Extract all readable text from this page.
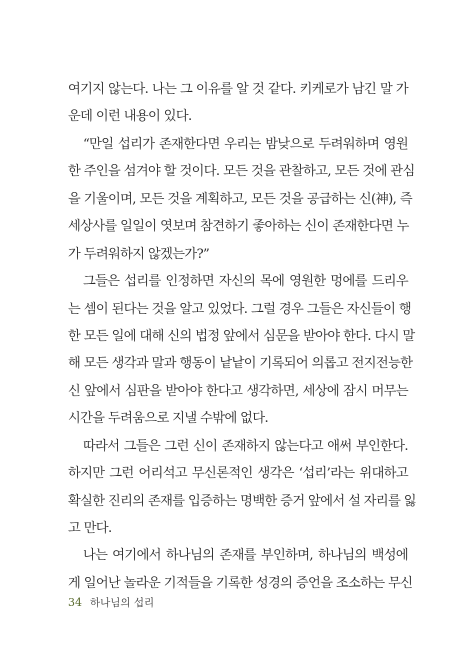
여기지 않는다. 나는 그 이유를 알 것 같다. 키케로가 남긴 말 가
운데 이런 내용이 있다.
“만일 섭리가 존재한다면 우리는 밤낮으로 두려워하며 영원
한 주인을 섬겨야 할 것이다. 모든 것을 관찰하고, 모든 것에 관심
을 기울이며, 모든 것을 계획하고, 모든 것을 공급하는 신(神), 즉
세상사를 일일이 엿보며 참견하기 좋아하는 신이 존재한다면 누
가 두려워하지 않겠는가?”
그들은 섭리를 인정하면 자신의 목에 영원한 멍에를 드리우
는 셈이 된다는 것을 알고 있었다. 그럴 경우 그들은 자신들이 행
한 모든 일에 대해 신의 법정 앞에서 심문을 받아야 한다. 다시 말
해 모든 생각과 말과 행동이 낱낱이 기록되어 의롭고 전지전능한
신 앞에서 심판을 받아야 한다고 생각하면, 세상에 잠시 머무는
시간을 두려움으로 지낼 수밖에 없다.
따라서 그들은 그런 신이 존재하지 않는다고 애써 부인한다.
하지만 그런 어리석고 무신론적인 생각은 ‘섭리’라는 위대하고
확실한 진리의 존재를 입증하는 명백한 증거 앞에서 설 자리를 잃
고 만다.
나는 여기에서 하나님의 존재를 부인하며, 하나님의 백성에
게 일어난 놀라운 기적들을 기록한 성경의 증언을 조소하는 무신
34 하나님의 섭리
